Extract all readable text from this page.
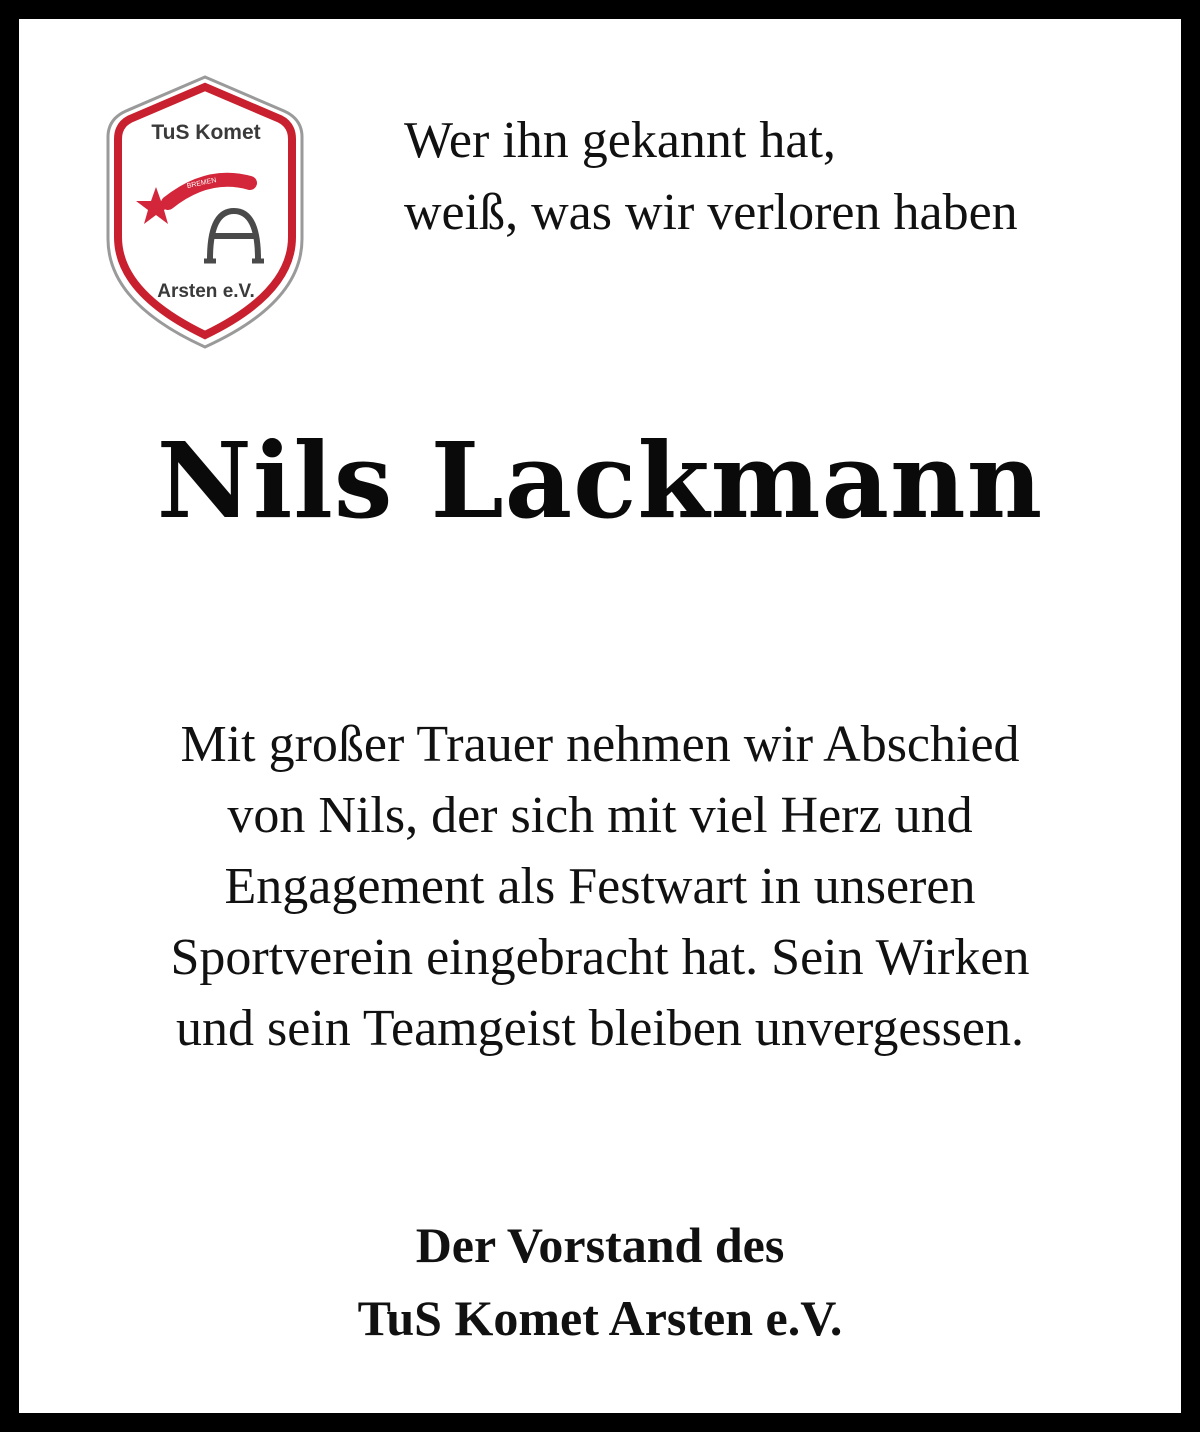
TuS Komet
BREMEN
Arsten e.V.
Wer ihn gekannt hat,
weiß, was wir verloren haben
Nils Lackmann
Mit großer Trauer nehmen wir Abschied
von Nils, der sich mit viel Herz und
Engagement als Festwart in unseren
Sportverein eingebracht hat. Sein Wirken
und sein Teamgeist bleiben unvergessen.
Der Vorstand des
TuS Komet Arsten e.V.
